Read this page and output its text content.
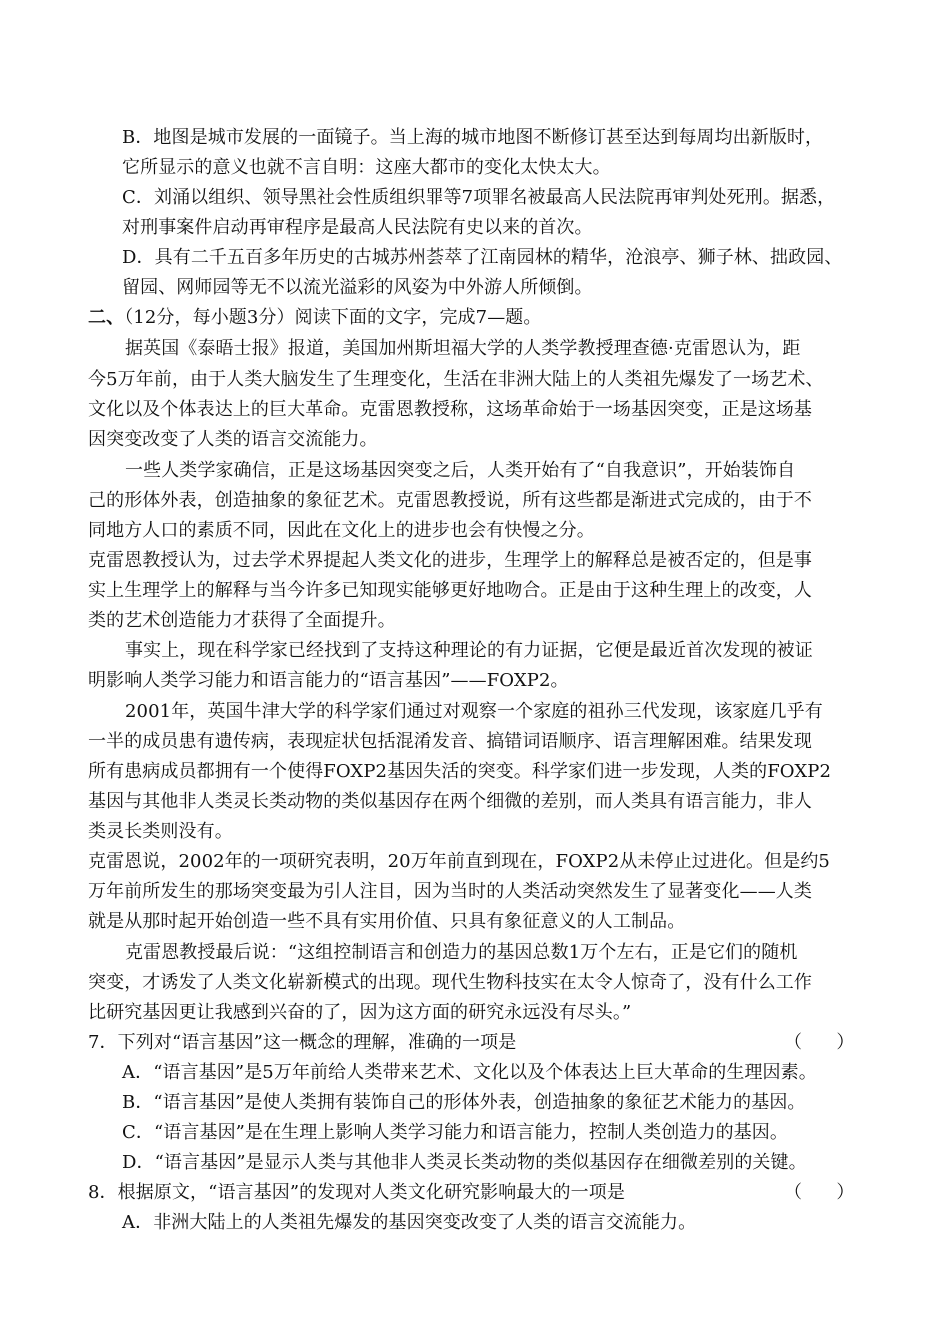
B．地图是城市发展的一面镜子。当上海的城市地图不断修订甚至达到每周均出新版时，
它所显示的意义也就不言自明：这座大都市的变化太快太大。
C．刘涌以组织、领导黑社会性质组织罪等7项罪名被最高人民法院再审判处死刑。据悉，
对刑事案件启动再审程序是最高人民法院有史以来的首次。
D．具有二千五百多年历史的古城苏州荟萃了江南园林的精华，沧浪亭、狮子林、拙政园、
留园、网师园等无不以流光溢彩的风姿为中外游人所倾倒。
二、（12分，每小题3分）阅读下面的文字，完成7—题。
据英国《泰晤士报》报道，美国加州斯坦福大学的人类学教授理查德·克雷恩认为，距
今5万年前，由于人类大脑发生了生理变化，生活在非洲大陆上的人类祖先爆发了一场艺术、
文化以及个体表达上的巨大革命。克雷恩教授称，这场革命始于一场基因突变，正是这场基
因突变改变了人类的语言交流能力。
一些人类学家确信，正是这场基因突变之后，人类开始有了“自我意识”，开始装饰自
己的形体外表，创造抽象的象征艺术。克雷恩教授说，所有这些都是渐进式完成的，由于不
同地方人口的素质不同，因此在文化上的进步也会有快慢之分。
克雷恩教授认为，过去学术界提起人类文化的进步，生理学上的解释总是被否定的，但是事
实上生理学上的解释与当今许多已知现实能够更好地吻合。正是由于这种生理上的改变，人
类的艺术创造能力才获得了全面提升。
事实上，现在科学家已经找到了支持这种理论的有力证据，它便是最近首次发现的被证
明影响人类学习能力和语言能力的“语言基因”——FOXP2。
2001年，英国牛津大学的科学家们通过对观察一个家庭的祖孙三代发现，该家庭几乎有
一半的成员患有遗传病，表现症状包括混淆发音、搞错词语顺序、语言理解困难。结果发现
所有患病成员都拥有一个使得FOXP2基因失活的突变。科学家们进一步发现，人类的FOXP2
基因与其他非人类灵长类动物的类似基因存在两个细微的差别，而人类具有语言能力，非人
类灵长类则没有。
克雷恩说，2002年的一项研究表明，20万年前直到现在，FOXP2从未停止过进化。但是约5
万年前所发生的那场突变最为引人注目，因为当时的人类活动突然发生了显著变化——人类
就是从那时起开始创造一些不具有实用价值、只具有象征意义的人工制品。
克雷恩教授最后说：“这组控制语言和创造力的基因总数1万个左右，正是它们的随机
突变，才诱发了人类文化崭新模式的出现。现代生物科技实在太令人惊奇了，没有什么工作
比研究基因更让我感到兴奋的了，因为这方面的研究永远没有尽头。”
7．下列对“语言基因”这一概念的理解，准确的一项是	（      ）
A．“语言基因”是5万年前给人类带来艺术、文化以及个体表达上巨大革命的生理因素。
B．“语言基因”是使人类拥有装饰自己的形体外表，创造抽象的象征艺术能力的基因。
C．“语言基因”是在生理上影响人类学习能力和语言能力，控制人类创造力的基因。
D．“语言基因”是显示人类与其他非人类灵长类动物的类似基因存在细微差别的关键。
8．根据原文，“语言基因”的发现对人类文化研究影响最大的一项是	（      ）
A．非洲大陆上的人类祖先爆发的基因突变改变了人类的语言交流能力。
